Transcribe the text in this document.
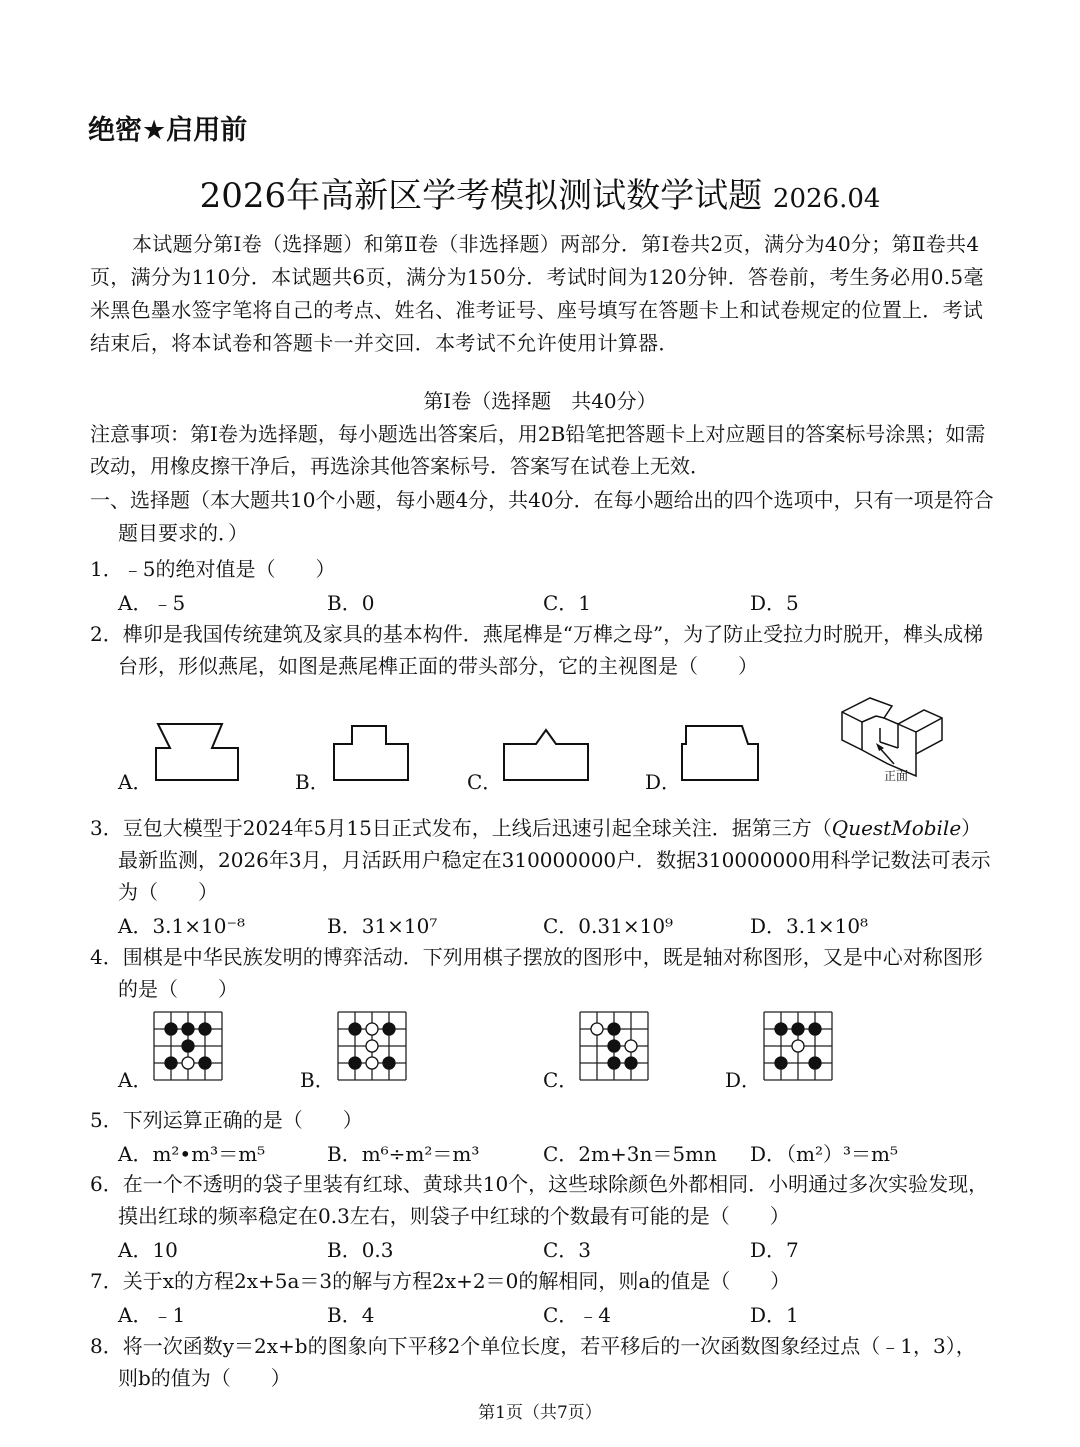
绝密★启用前
2026年高新区学考模拟测试数学试题 2026.04
本试题分第Ⅰ卷（选择题）和第Ⅱ卷（非选择题）两部分．第Ⅰ卷共2页，满分为40分；第Ⅱ卷共4页，满分为110分．本试题共6页，满分为150分．考试时间为120分钟．答卷前，考生务必用0.5毫米黑色墨水签字笔将自己的考点、姓名、准考证号、座号填写在答题卡上和试卷规定的位置上．考试结束后，将本试卷和答题卡一并交回．本考试不允许使用计算器．
第Ⅰ卷（选择题　共40分）
注意事项：第Ⅰ卷为选择题，每小题选出答案后，用2B铅笔把答题卡上对应题目的答案标号涂黑；如需改动，用橡皮擦干净后，再选涂其他答案标号．答案写在试卷上无效．
一、选择题（本大题共10个小题，每小题4分，共40分．在每小题给出的四个选项中，只有一项是符合题目要求的．）
1．﹣5的绝对值是（　　）
A．﹣5	B．0	C．1	D．5
2．榫卯是我国传统建筑及家具的基本构件．燕尾榫是“万榫之母”，为了防止受拉力时脱开，榫头成梯台形，形似燕尾，如图是燕尾榫正面的带头部分，它的主视图是（　　）
A．	B．	C．	D．	正面
3．豆包大模型于2024年5月15日正式发布，上线后迅速引起全球关注．据第三方（QuestMobile）最新监测，2026年3月，月活跃用户稳定在310000000户．数据310000000用科学记数法可表示为（　　）
A．3.1×10⁻⁸	B．31×10⁷	C．0.31×10⁹	D．3.1×10⁸
4．围棋是中华民族发明的博弈活动．下列用棋子摆放的图形中，既是轴对称图形，又是中心对称图形的是（　　）
A．	B．	C．	D．
5．下列运算正确的是（　　）
A．m²•m³＝m⁵	B．m⁶÷m²＝m³	C．2m+3n＝5mn D．（m²）³＝m⁵
6．在一个不透明的袋子里装有红球、黄球共10个，这些球除颜色外都相同．小明通过多次实验发现，摸出红球的频率稳定在0.3左右，则袋子中红球的个数最有可能的是（　　）
A．10	B．0.3	C．3	D．7
7．关于x的方程2x+5a＝3的解与方程2x+2＝0的解相同，则a的值是（　　）
A．﹣1	B．4	C．﹣4	D．1
8．将一次函数y＝2x+b的图象向下平移2个单位长度，若平移后的一次函数图象经过点（﹣1，3），则b的值为（　　）
第1页（共7页）
